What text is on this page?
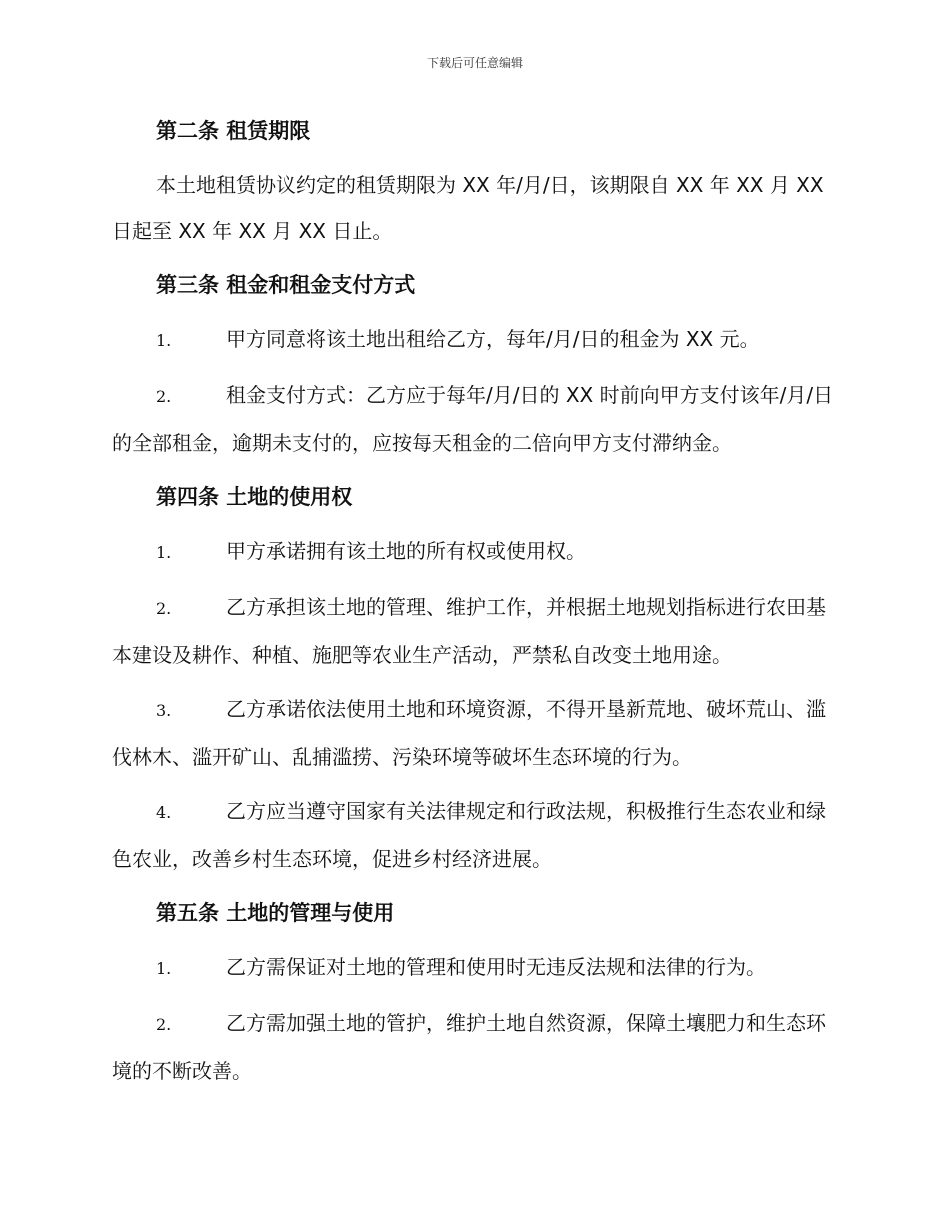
下载后可任意编辑
第二条 租赁期限
本土地租赁协议约定的租赁期限为 XX 年/月/日，该期限自 XX 年 XX 月 XX 日起至 XX 年 XX 月 XX 日止。
第三条 租金和租金支付方式
1.	甲方同意将该土地出租给乙方，每年/月/日的租金为 XX 元。
2.	租金支付方式：乙方应于每年/月/日的 XX 时前向甲方支付该年/月/日的全部租金，逾期未支付的，应按每天租金的二倍向甲方支付滞纳金。
第四条 土地的使用权
1.	甲方承诺拥有该土地的所有权或使用权。
2.	乙方承担该土地的管理、维护工作，并根据土地规划指标进行农田基本建设及耕作、种植、施肥等农业生产活动，严禁私自改变土地用途。
3.	乙方承诺依法使用土地和环境资源，不得开垦新荒地、破坏荒山、滥伐林木、滥开矿山、乱捕滥捞、污染环境等破坏生态环境的行为。
4.	乙方应当遵守国家有关法律规定和行政法规，积极推行生态农业和绿色农业，改善乡村生态环境，促进乡村经济进展。
第五条 土地的管理与使用
1.	乙方需保证对土地的管理和使用时无违反法规和法律的行为。
2.	乙方需加强土地的管护，维护土地自然资源，保障土壤肥力和生态环境的不断改善。
